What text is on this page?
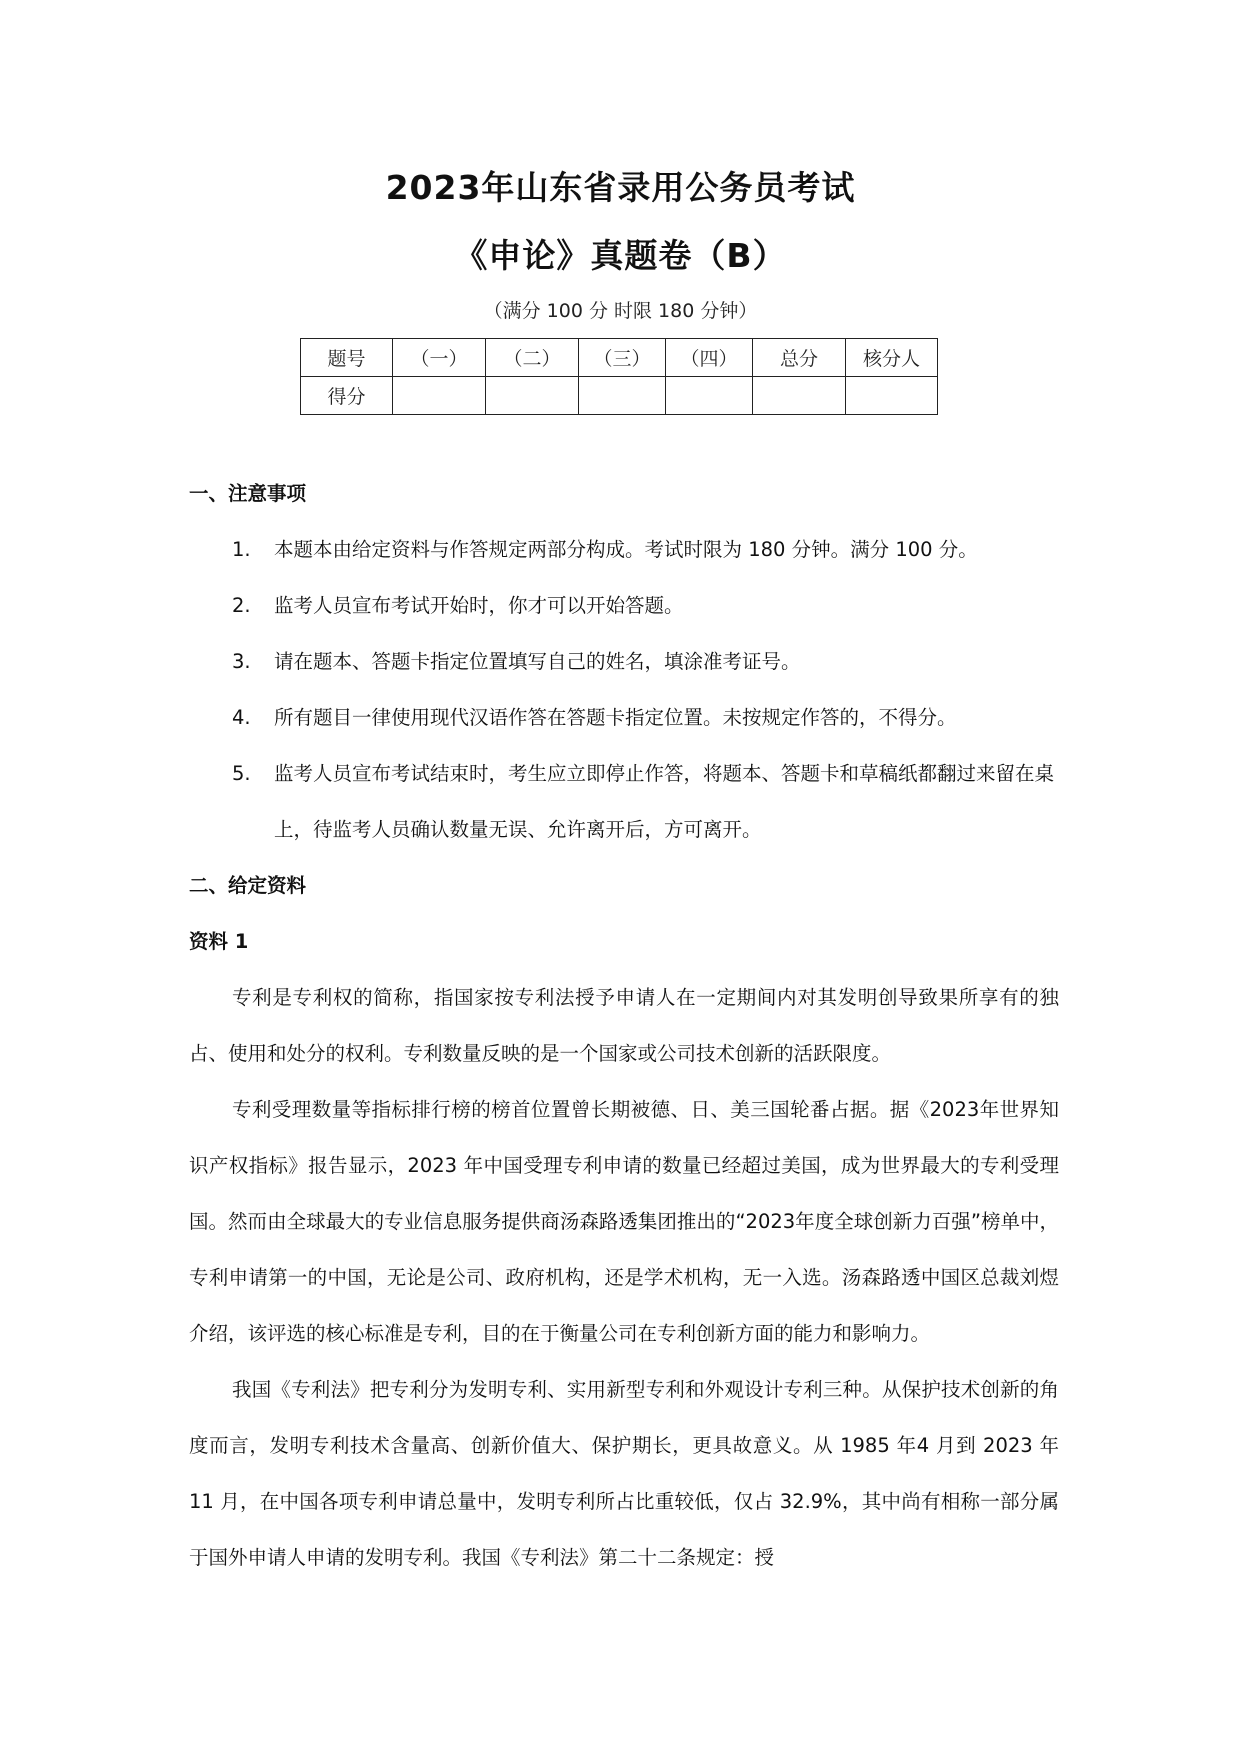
2023年山东省录用公务员考试
《申论》真题卷（B）
（满分 100 分 时限 180 分钟）
题号	（一）	（二）	（三）	（四）	总分	核分人
得分						
一、注意事项
1.	本题本由给定资料与作答规定两部分构成。考试时限为 180 分钟。满分 100 分。
2.	监考人员宣布考试开始时，你才可以开始答题。
3.	请在题本、答题卡指定位置填写自己的姓名，填涂准考证号。
4.	所有题目一律使用现代汉语作答在答题卡指定位置。未按规定作答的，不得分。
5.	监考人员宣布考试结束时，考生应立即停止作答，将题本、答题卡和草稿纸都翻过来留在桌上，待监考人员确认数量无误、允许离开后，方可离开。
二、给定资料
资料 1

专利是专利权的简称，指国家按专利法授予申请人在一定期间内对其发明创导致果所享有的独占、使用和处分的权利。专利数量反映的是一个国家或公司技术创新的活跃限度。

专利受理数量等指标排行榜的榜首位置曾长期被德、日、美三国轮番占据。据《2023年世界知识产权指标》报告显示，2023 年中国受理专利申请的数量已经超过美国，成为世界最大的专利受理国。然而由全球最大的专业信息服务提供商汤森路透集团推出的“2023年度全球创新力百强”榜单中，专利申请第一的中国，无论是公司、政府机构，还是学术机构，无一入选。汤森路透中国区总裁刘煜介绍，该评选的核心标准是专利，目的在于衡量公司在专利创新方面的能力和影响力。

我国《专利法》把专利分为发明专利、实用新型专利和外观设计专利三种。从保护技术创新的角度而言，发明专利技术含量高、创新价值大、保护期长，更具故意义。从 1985 年4 月到 2023 年 11 月，在中国各项专利申请总量中，发明专利所占比重较低，仅占 32.9%，其中尚有相称一部分属于国外申请人申请的发明专利。我国《专利法》第二十二条规定：授
